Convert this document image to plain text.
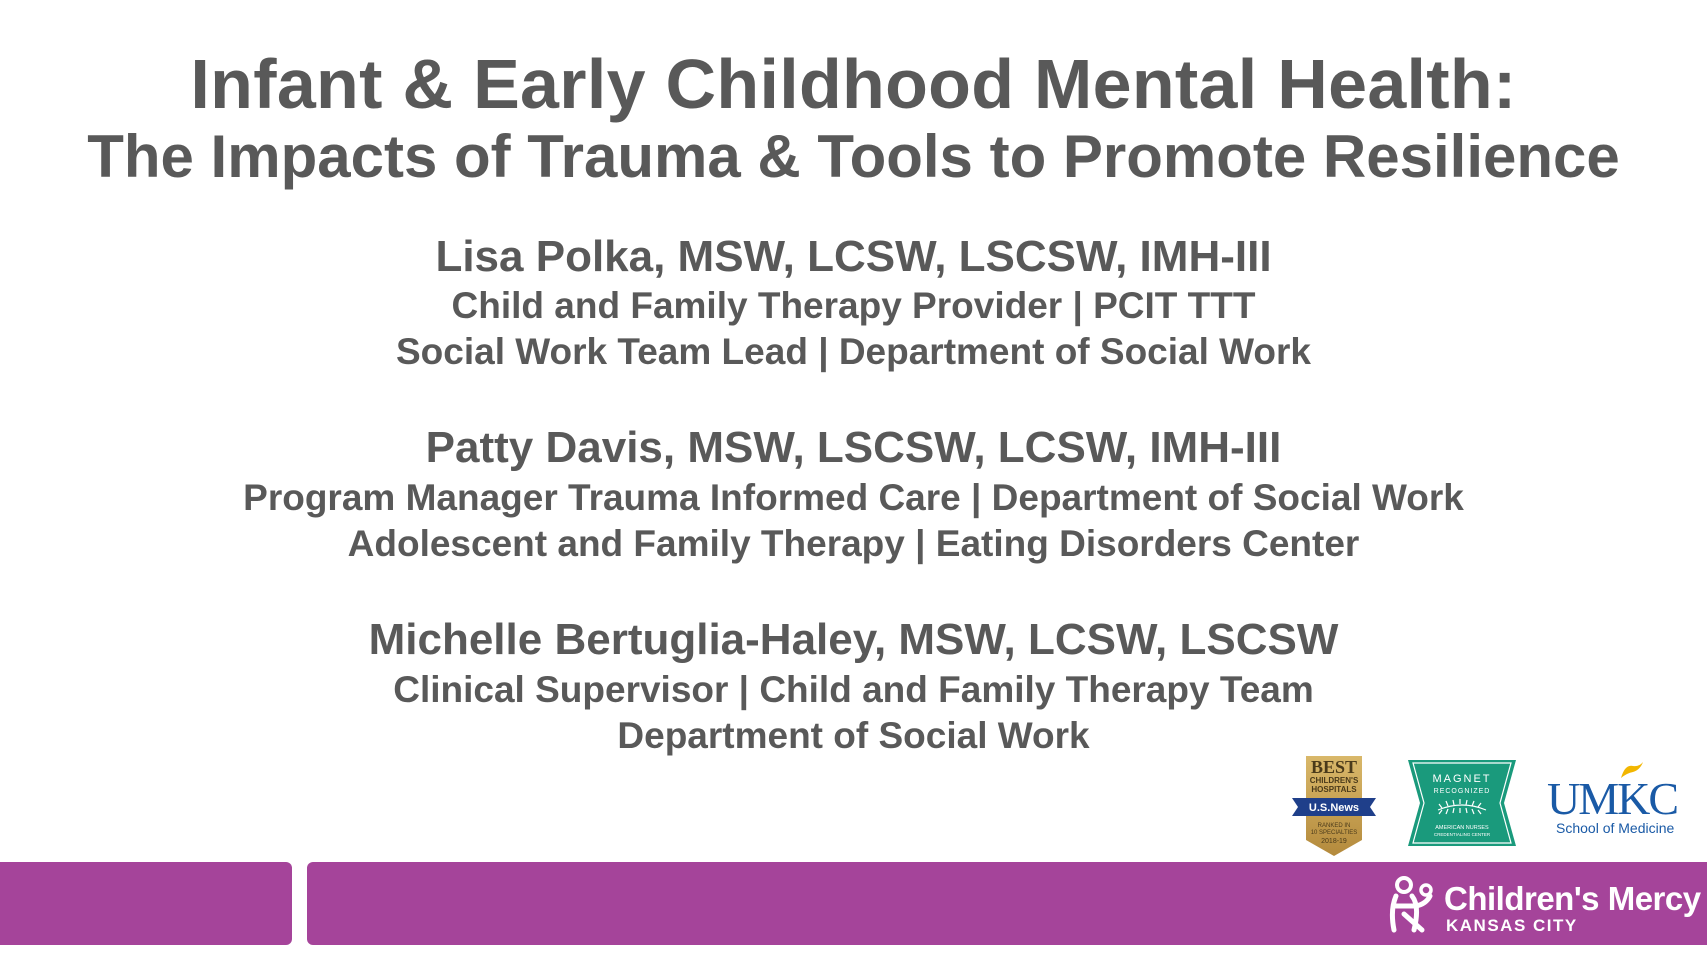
Infant & Early Childhood Mental Health:
The Impacts of Trauma & Tools to Promote Resilience
Lisa Polka, MSW, LCSW, LSCSW, IMH-III
Child and Family Therapy Provider | PCIT TTT
Social Work Team Lead | Department of Social Work
Patty Davis, MSW, LSCSW, LCSW, IMH-III
Program Manager Trauma Informed Care | Department of Social Work
Adolescent and Family Therapy | Eating Disorders Center
Michelle Bertuglia-Haley, MSW, LCSW, LSCSW
Clinical Supervisor | Child and Family Therapy Team
Department of Social Work
BEST
CHILDREN'S
HOSPITALS
U.S.News
RANKED IN
10 SPECIALTIES
2018-19
MAGNET
RECOGNIZED
AMERICAN NURSES
CREDENTIALING CENTER
UMKC
School of Medicine
Children's Mercy
KANSAS CITY
